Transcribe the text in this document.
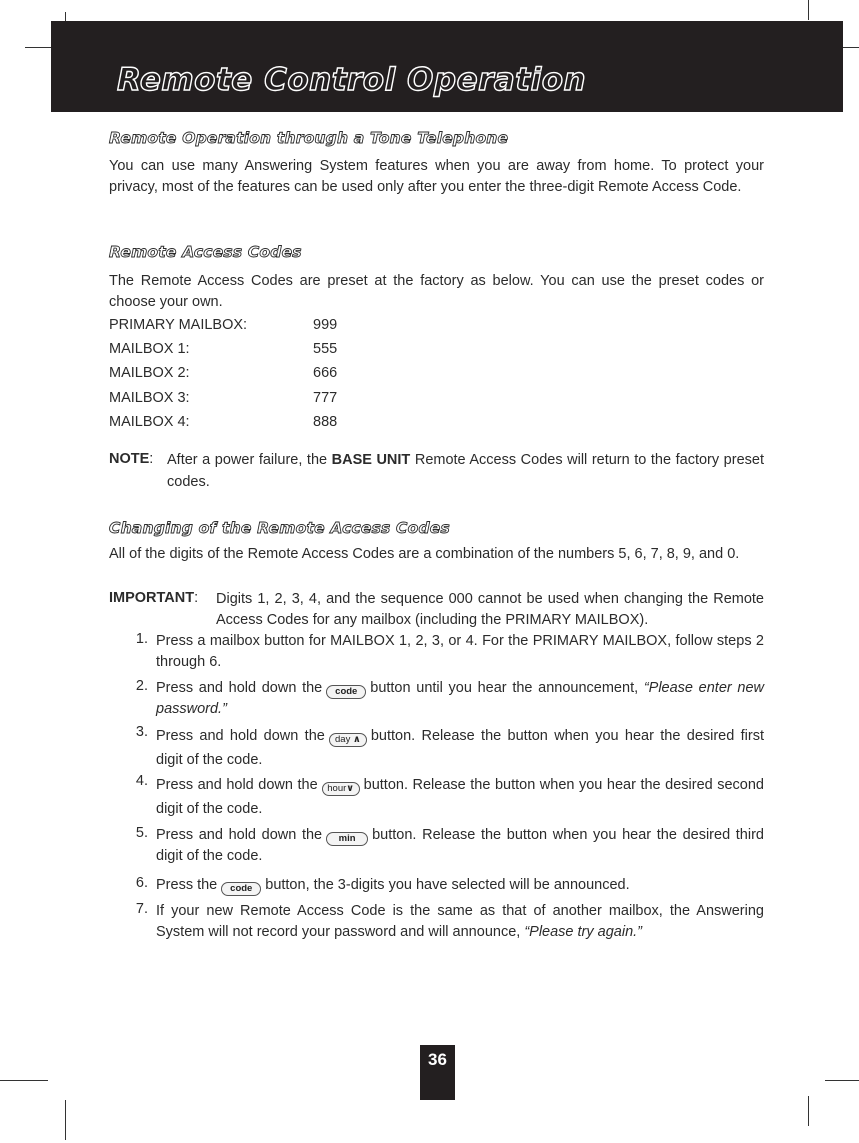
Remote Control Operation
Remote Operation through a Tone Telephone
You can use many Answering System features when you are away from home. To protect your privacy, most of the features can be used only after you enter the three-digit Remote Access Code.
Remote Access Codes
The Remote Access Codes are preset at the factory as below. You can use the preset codes or choose your own.
PRIMARY MAILBOX:	999
MAILBOX 1:	555
MAILBOX 2:	666
MAILBOX 3:	777
MAILBOX 4:	888
NOTE: After a power failure, the BASE UNIT Remote Access Codes will return to the factory preset codes.
Changing of the Remote Access Codes
All of the digits of the Remote Access Codes are a combination of the numbers 5, 6, 7, 8, 9, and 0.
IMPORTANT: Digits 1, 2, 3, 4, and the sequence 000 cannot be used when changing the Remote Access Codes for any mailbox (including the PRIMARY MAILBOX).
1. Press a mailbox button for MAILBOX 1, 2, 3, or 4. For the PRIMARY MAILBOX, follow steps 2 through 6.
2. Press and hold down the code button until you hear the announcement, “Please enter new password.”
3. Press and hold down the day ∧ button. Release the button when you hear the desired first digit of the code.
4. Press and hold down the hour∨ button. Release the button when you hear the desired second digit of the code.
5. Press and hold down the min button. Release the button when you hear the desired third digit of the code.
6. Press the code button, the 3-digits you have selected will be announced.
7. If your new Remote Access Code is the same as that of another mailbox, the Answering System will not record your password and will announce, “Please try again.”
36
